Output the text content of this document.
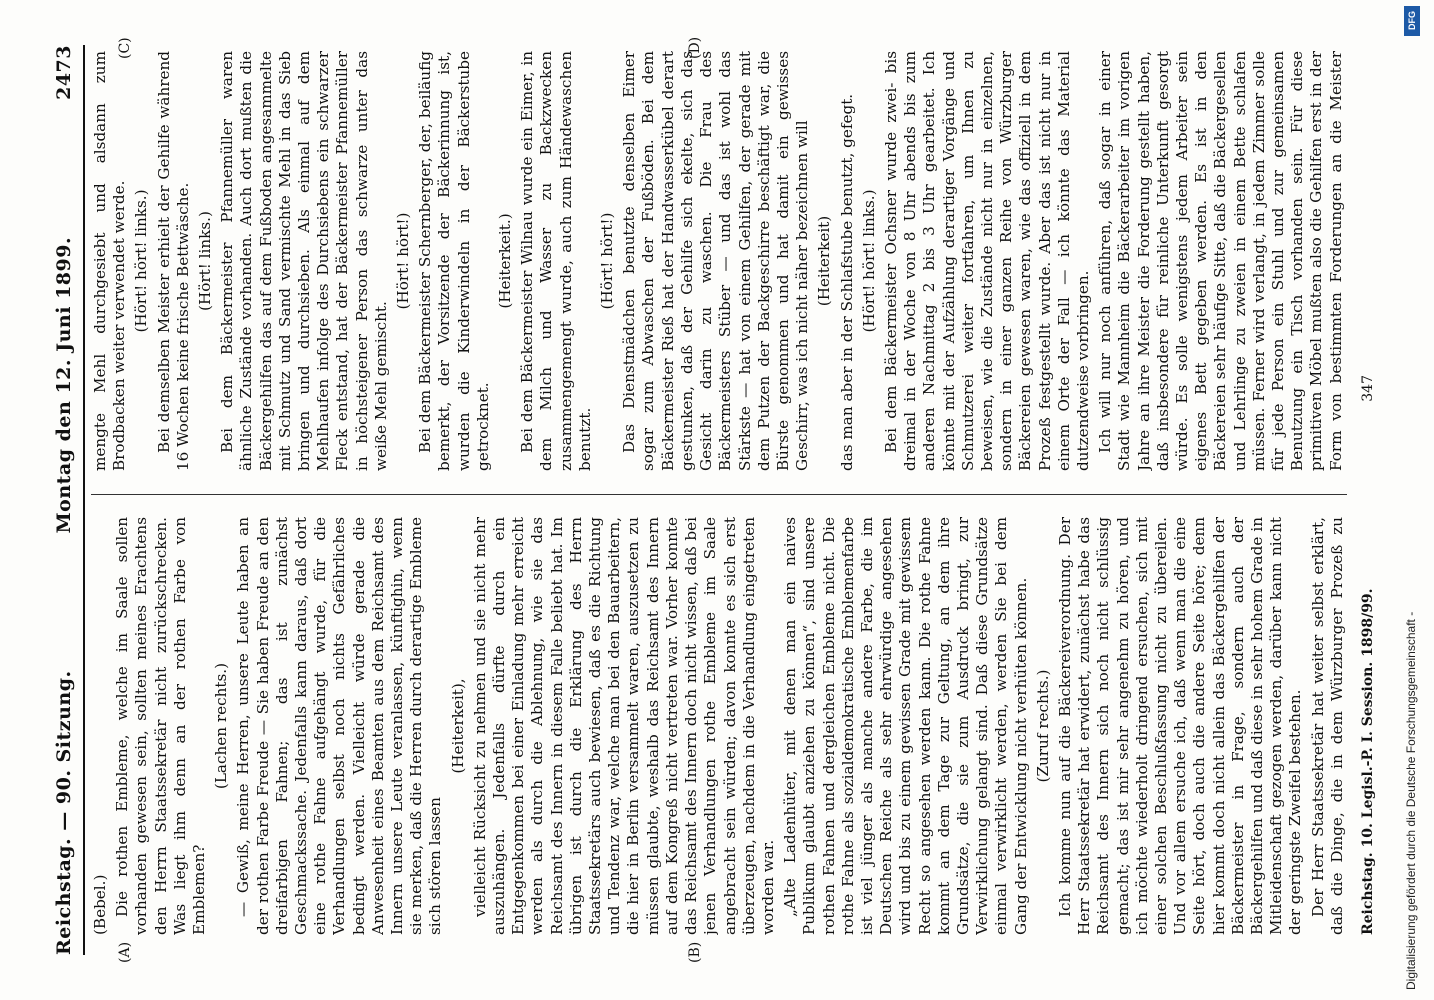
Reichstag. — 90. Sitzung.
Montag den 12. Juni 1899.
2473
(A)	(B)
(C)	(D)

(Bebel.) Die rothen Embleme, welche im Saale sollen vorhanden gewesen sein, sollten meines Erachtens den Herrn Staatssekretär nicht zurückschrecken. Was liegt ihm denn an der rothen Farbe von Emblemen?

(Lachen rechts.) — Gewiß, meine Herren, unsere Leute haben an der rothen Farbe Freude — Sie haben Freude an den dreifarbigen Fahnen; das ist zunächst Geschmackssache. Jedenfalls kann daraus, daß dort eine rothe Fahne aufgehängt wurde, für die Verhandlungen selbst noch nichts Gefährliches bedingt werden. Vielleicht würde gerade die Anwesenheit eines Beamten aus dem Reichsamt des Innern unsere Leute veranlassen, künftighin, wenn sie merken, daß die Herren durch derartige Embleme sich stören lassen

(Heiterkeit), vielleicht Rücksicht zu nehmen und sie nicht mehr auszuhängen. Jedenfalls dürfte durch ein Entgegenkommen bei einer Einladung mehr erreicht werden als durch die Ablehnung, wie sie das Reichsamt des Innern in diesem Falle beliebt hat. Im übrigen ist durch die Erklärung des Herrn Staatssekretärs auch bewiesen, daß es die Richtung und Tendenz war, welche man bei den Bauarbeitern, die hier in Berlin versammelt waren, auszusetzen zu müssen glaubte, weshalb das Reichsamt des Innern auf dem Kongreß nicht vertreten war. Vorher konnte das Reichsamt des Innern doch nicht wissen, daß bei jenen Verhandlungen rothe Embleme im Saale angebracht sein würden; davon konnte es sich erst überzeugen, nachdem in die Verhandlung eingetreten worden war. „Alte Ladenhüter, mit denen man ein naives Publikum glaubt anziehen zu können“, sind unsere rothen Fahnen und dergleichen Embleme nicht. Die rothe Fahne als sozialdemokratische Emblemenfarbe ist viel jünger als manche andere Farbe, die im Deutschen Reiche als sehr ehrwürdige angesehen wird und bis zu einem gewissen Grade mit gewissem Recht so angesehen werden kann. Die rothe Fahne kommt an dem Tage zur Geltung, an dem ihre Grundsätze, die sie zum Ausdruck bringt, zur Verwirklichung gelangt sind. Daß diese Grundsätze einmal verwirklicht werden, werden Sie bei dem Gang der Entwicklung nicht verhüten können. (Zuruf rechts.) Ich komme nun auf die Bäckereiverordnung. Der Herr Staatssekretär hat erwidert, zunächst habe das Reichsamt des Innern sich noch nicht schlüssig gemacht; das ist mir sehr angenehm zu hören, und ich möchte wiederholt dringend ersuchen, sich mit einer solchen Beschlußfassung nicht zu übereilen. Und vor allem ersuche ich, daß wenn man die eine Seite hört, doch auch die andere Seite höre; denn hier kommt doch nicht allein das Bäckergehilfen der Bäckermeister in Frage, sondern auch der Bäckergehilfen und daß diese in sehr hohem Grade in Mitleidenschaft gezogen werden, darüber kann nicht der geringste Zweifel bestehen. Der Herr Staatssekretär hat weiter selbst erklärt, daß die Dinge, die in dem Würzburger Prozeß zu

mengte Mehl durchgesiebt und alsdann zum Brodbacken weiter verwendet werde. (Hört! hört! links.) Bei demselben Meister erhielt der Gehilfe während 16 Wochen keine frische Bettwäsche. (Hört! links.) Bei dem Bäckermeister Pfannemüller waren ähnliche Zustände vorhanden. Auch dort mußten die Bäckergehilfen das auf dem Fußboden angesammelte mit Schmutz und Sand vermischte Mehl in das Sieb bringen und durchsieben. Als einmal auf dem Mehlhaufen infolge des Durchsiebens ein schwarzer Fleck entstand, hat der Bäckermeister Pfannemüller in höchsteigener Person das schwarze unter das weiße Mehl gemischt.

(Hört! hört!) Bei dem Bäckermeister Schernberger, der, beiläufig bemerkt, der Vorsitzende der Bäckerinnung ist, wurden die Kinderwindeln in der Bäckerstube getrocknet.

(Heiterkeit.) Bei dem Bäckermeister Wilnau wurde ein Eimer, in dem Milch und Wasser zu Backzwecken zusammengemengt wurde, auch zum Händewaschen benutzt.

(Hört! hört!) Das Dienstmädchen benutzte denselben Eimer sogar zum Abwaschen der Fußböden. Bei dem Bäckermeister Rieß hat der Handwasserkübel derart gestunken, daß der Gehilfe sich ekelte, sich das Gesicht darin zu waschen. Die Frau des Bäckermeisters Stüber — und das ist wohl das Stärkste — hat von einem Gehilfen, der gerade mit dem Putzen der Backgeschirre beschäftigt war, die Bürste genommen und hat damit ein gewisses Geschirr, was ich nicht näher bezeichnen will (Heiterkeit) das man aber in der Schlafstube benutzt, gefegt. (Hört! hört! links.) Bei dem Bäckermeister Ochsner wurde zwei- bis dreimal in der Woche von 8 Uhr abends bis zum anderen Nachmittag 2 bis 3 Uhr gearbeitet. Ich könnte mit der Aufzählung derartiger Vorgänge und Schmutzerei weiter fortfahren, um Ihnen zu beweisen, wie die Zustände nicht nur in einzelnen, sondern in einer ganzen Reihe von Würzburger Bäckereien gewesen waren, wie das offiziell in dem Prozeß festgestellt wurde. Aber das ist nicht nur in einem Orte der Fall — ich könnte das Material dutzendweise vorbringen. Ich will nur noch anführen, daß sogar in einer Stadt wie Mannheim die Bäckerarbeiter im vorigen Jahre an ihre Meister die Forderung gestellt haben, daß insbesondere für reinliche Unterkunft gesorgt würde. Es solle wenigstens jedem Arbeiter sein eigenes Bett gegeben werden. Es ist in den Bäckereien sehr häufige Sitte, daß die Bäckergesellen und Lehrlinge zu zweien in einem Bette schlafen müssen. Ferner wird verlangt, in jedem Zimmer solle für jede Person ein Stuhl und zur gemeinsamen Benutzung ein Tisch vorhanden sein. Für diese primitiven Möbel mußten also die Gehilfen erst in der Form von bestimmten Forderungen an die Meister

Reichstag. 10. Legisl.-P. I. Session. 1898/99.
347
DFG
Digitalisierung gefördert durch die Deutsche Forschungsgemeinschaft -
